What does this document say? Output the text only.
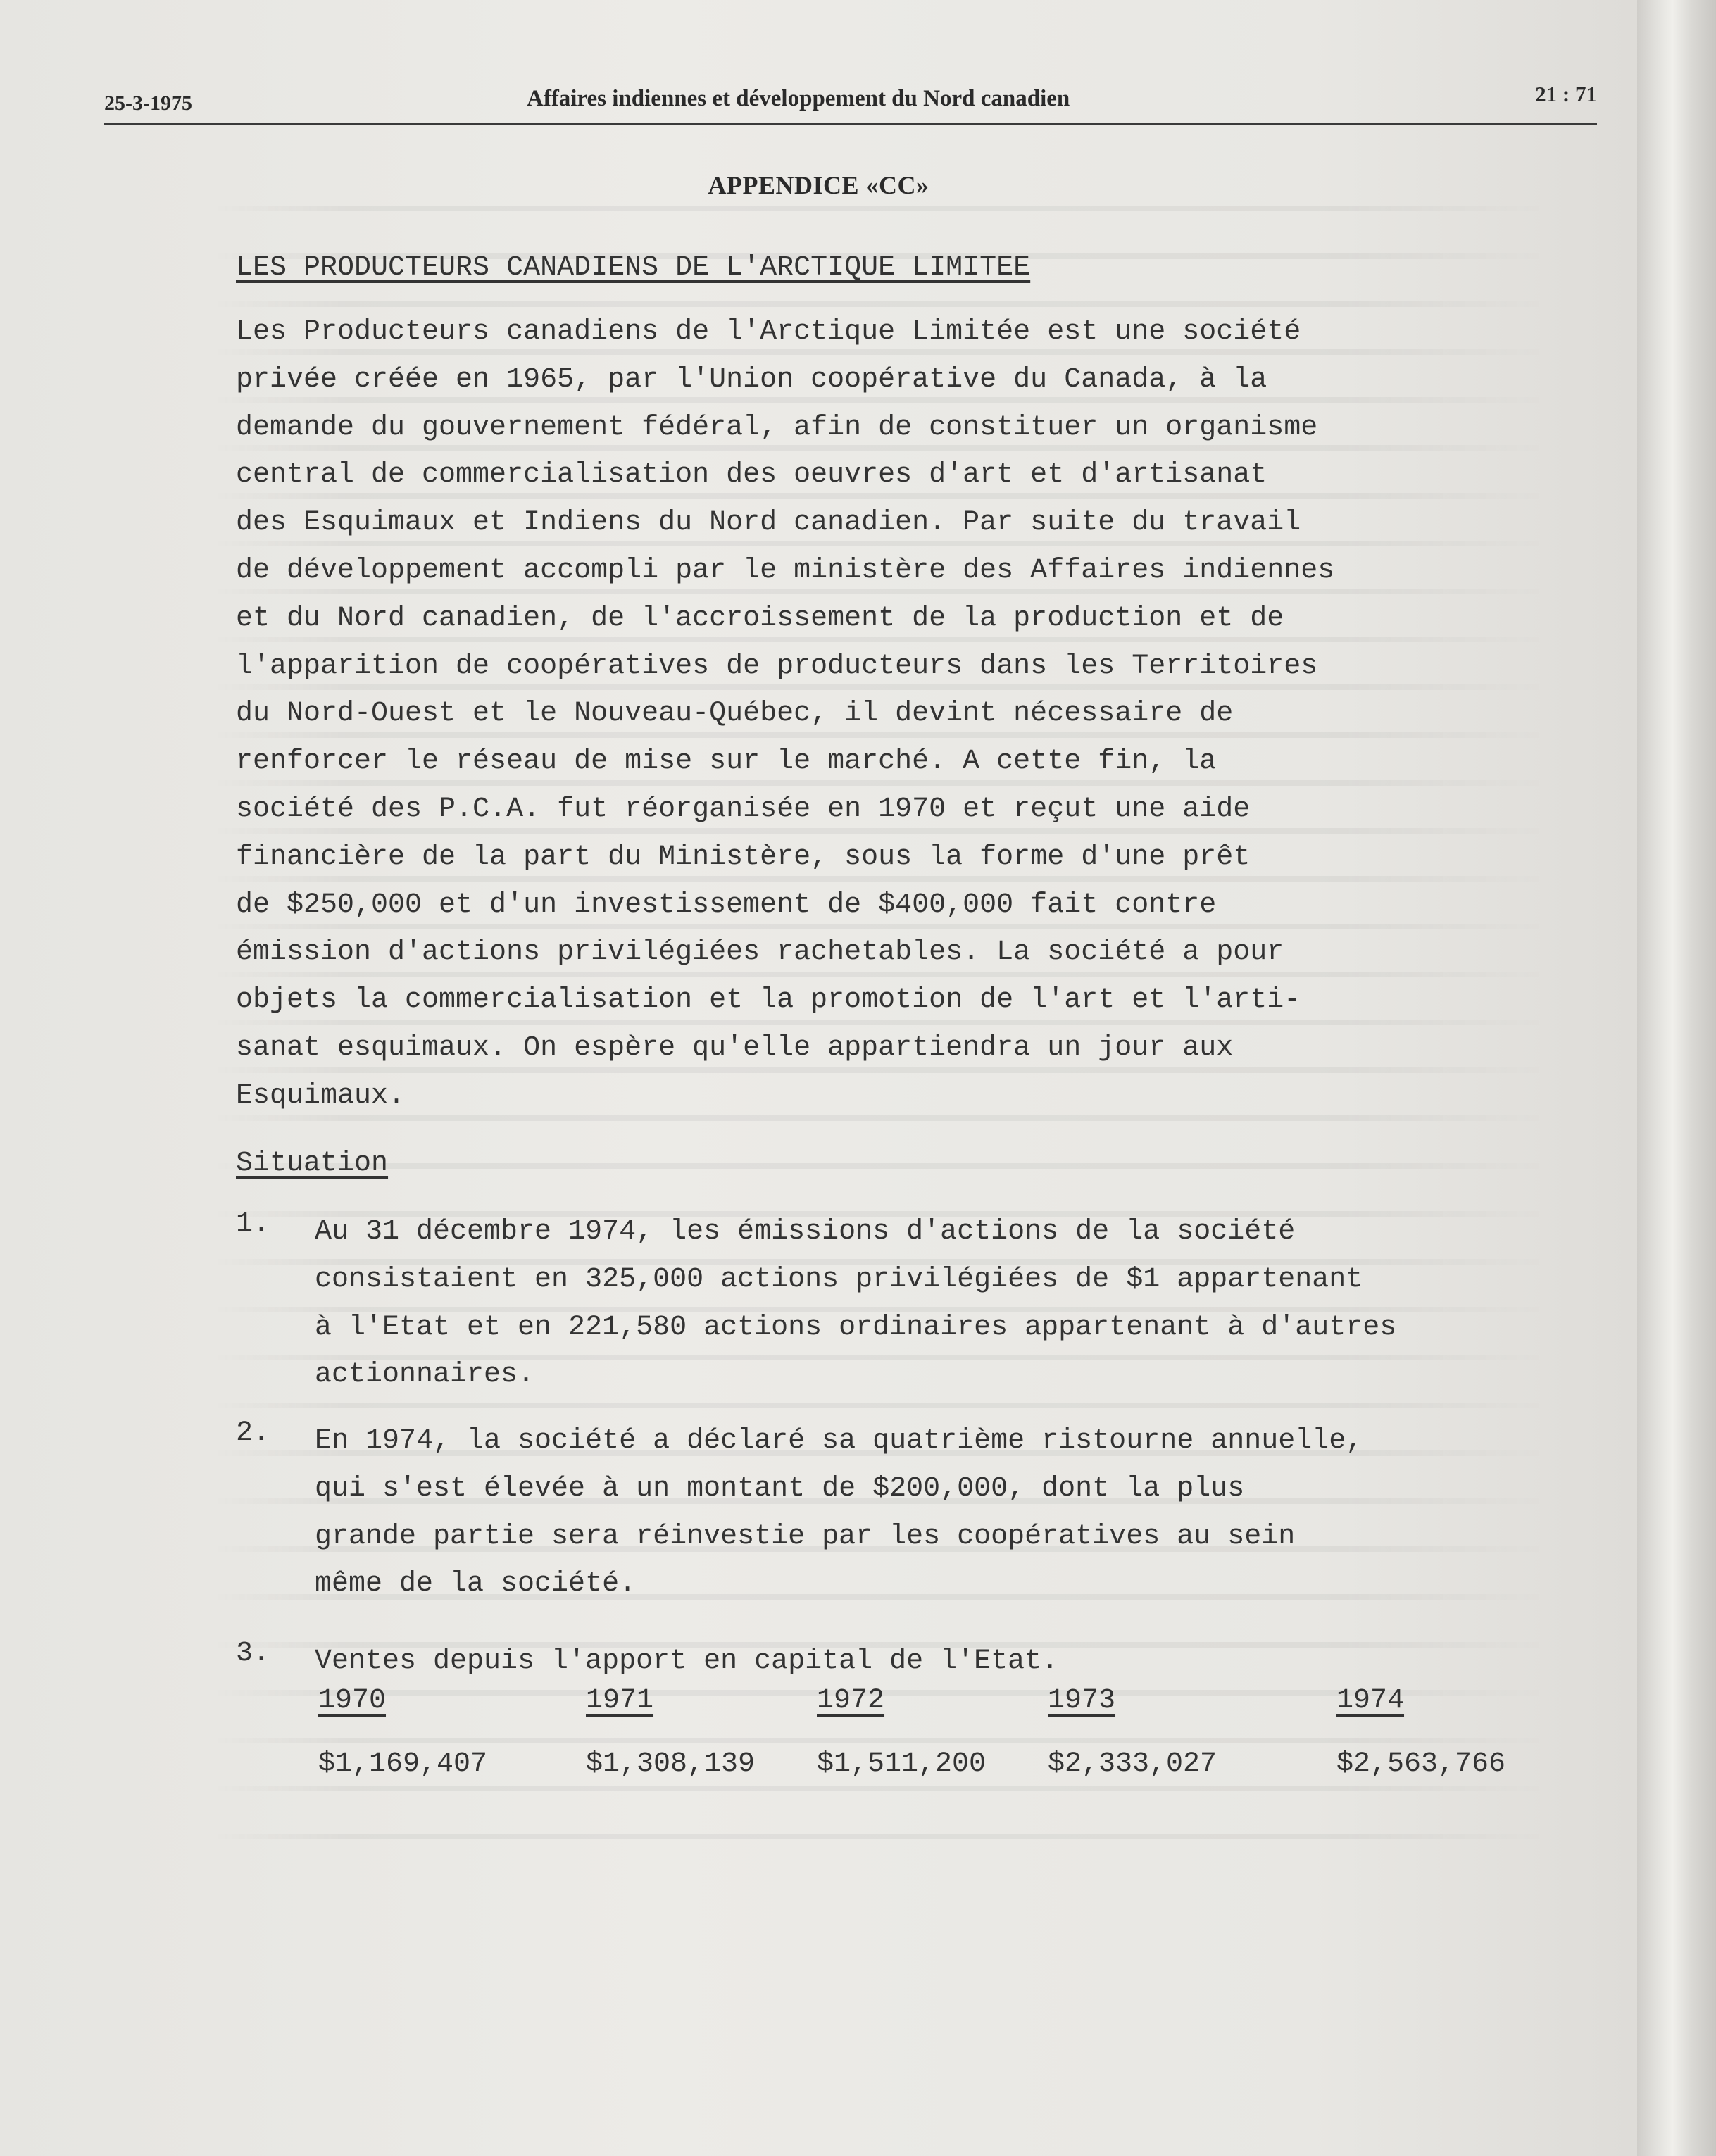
25-3-1975	Affaires indiennes et développement du Nord canadien	21 : 71
APPENDICE «CC»
LES PRODUCTEURS CANADIENS DE L'ARCTIQUE LIMITEE
Les Producteurs canadiens de l'Arctique Limitée est une société
privée créée en 1965, par l'Union coopérative du Canada, à la
demande du gouvernement fédéral, afin de constituer un organisme
central de commercialisation des oeuvres d'art et d'artisanat
des Esquimaux et Indiens du Nord canadien. Par suite du travail
de développement accompli par le ministère des Affaires indiennes
et du Nord canadien, de l'accroissement de la production et de
l'apparition de coopératives de producteurs dans les Territoires
du Nord-Ouest et le Nouveau-Québec, il devint nécessaire de
renforcer le réseau de mise sur le marché. A cette fin, la
société des P.C.A. fut réorganisée en 1970 et reçut une aide
financière de la part du Ministère, sous la forme d'une prêt
de $250,000 et d'un investissement de $400,000 fait contre
émission d'actions privilégiées rachetables. La société a pour
objets la commercialisation et la promotion de l'art et l'arti-
sanat esquimaux. On espère qu'elle appartiendra un jour aux
Esquimaux.
Situation
1. Au 31 décembre 1974, les émissions d'actions de la société
consistaient en 325,000 actions privilégiées de $1 appartenant
à l'Etat et en 221,580 actions ordinaires appartenant à d'autres
actionnaires.
2. En 1974, la société a déclaré sa quatrième ristourne annuelle,
qui s'est élevée à un montant de $200,000, dont la plus
grande partie sera réinvestie par les coopératives au sein
même de la société.
3. Ventes depuis l'apport en capital de l'Etat.
1970	1971	1972	1973	1974
$1,169,407	$1,308,139 $1,511,200 $2,333,027	$2,563,766
